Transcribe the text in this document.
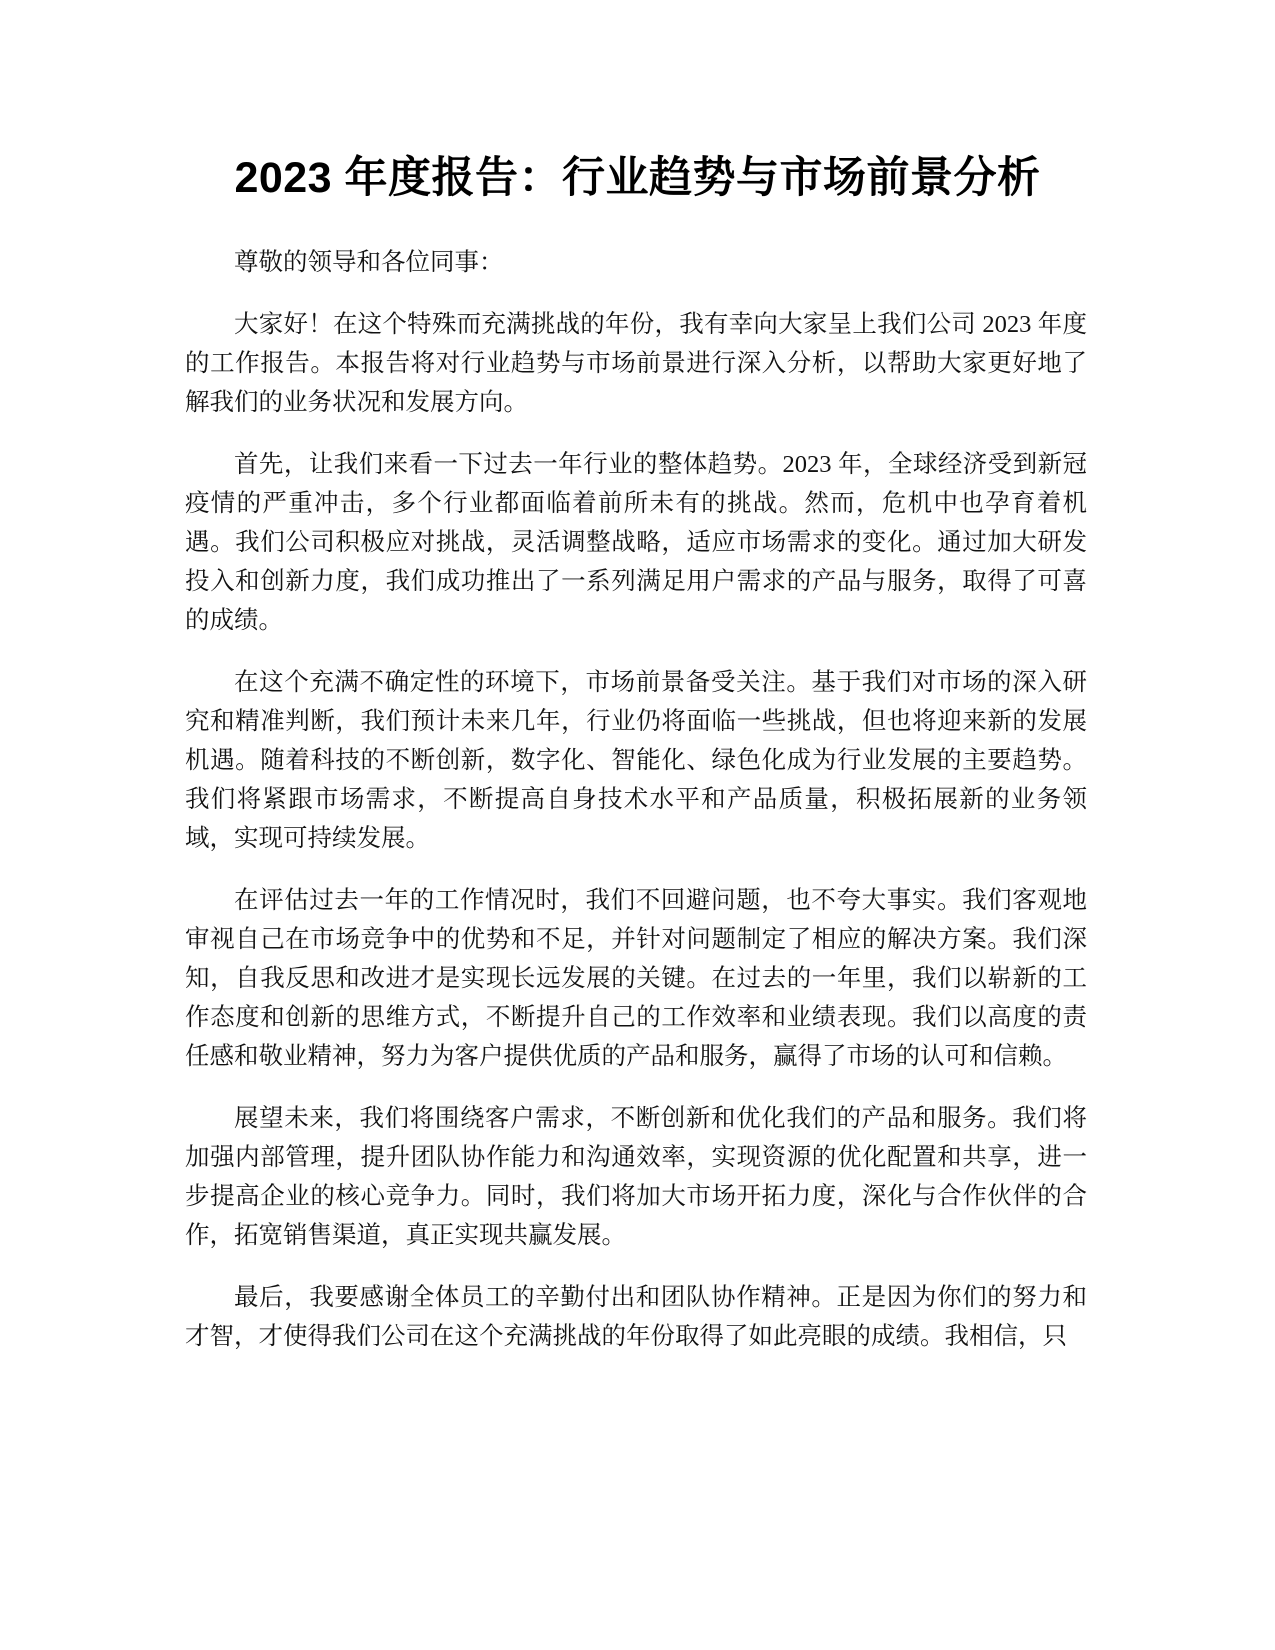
2023 年度报告：行业趋势与市场前景分析

尊敬的领导和各位同事：

大家好！在这个特殊而充满挑战的年份，我有幸向大家呈上我们公司 2023 年度的工作报告。本报告将对行业趋势与市场前景进行深入分析，以帮助大家更好地了解我们的业务状况和发展方向。

首先，让我们来看一下过去一年行业的整体趋势。2023 年，全球经济受到新冠疫情的严重冲击，多个行业都面临着前所未有的挑战。然而，危机中也孕育着机遇。我们公司积极应对挑战，灵活调整战略，适应市场需求的变化。通过加大研发投入和创新力度，我们成功推出了一系列满足用户需求的产品与服务，取得了可喜的成绩。

在这个充满不确定性的环境下，市场前景备受关注。基于我们对市场的深入研究和精准判断，我们预计未来几年，行业仍将面临一些挑战，但也将迎来新的发展机遇。随着科技的不断创新，数字化、智能化、绿色化成为行业发展的主要趋势。我们将紧跟市场需求，不断提高自身技术水平和产品质量，积极拓展新的业务领域，实现可持续发展。

在评估过去一年的工作情况时，我们不回避问题，也不夸大事实。我们客观地审视自己在市场竞争中的优势和不足，并针对问题制定了相应的解决方案。我们深知，自我反思和改进才是实现长远发展的关键。在过去的一年里，我们以崭新的工作态度和创新的思维方式，不断提升自己的工作效率和业绩表现。我们以高度的责任感和敬业精神，努力为客户提供优质的产品和服务，赢得了市场的认可和信赖。

展望未来，我们将围绕客户需求，不断创新和优化我们的产品和服务。我们将加强内部管理，提升团队协作能力和沟通效率，实现资源的优化配置和共享，进一步提高企业的核心竞争力。同时，我们将加大市场开拓力度，深化与合作伙伴的合作，拓宽销售渠道，真正实现共赢发展。

最后，我要感谢全体员工的辛勤付出和团队协作精神。正是因为你们的努力和才智，才使得我们公司在这个充满挑战的年份取得了如此亮眼的成绩。我相信，只
